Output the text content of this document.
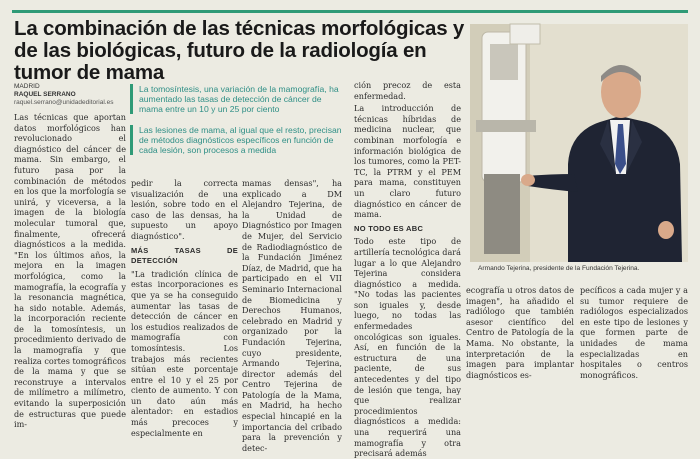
La combinación de las técnicas morfológicas y de las biológicas, futuro de la radiología en tumor de mama
MADRID
RAQUEL SERRANO
raquel.serrano@unidadeditorial.es
La tomosíntesis, una variación de la mamografía, ha aumentado las tasas de detección de cáncer de mama entre un 10 y un 25 por ciento
Las lesiones de mama, al igual que el resto, precisan de métodos diagnósticos específicos en función de cada lesión, son procesos a medida

Las técnicas que aportan datos morfológicos han revolucionado el diagnóstico del cáncer de mama. Sin embargo, el futuro pasa por la combinación de métodos en los que la morfología se unirá, y viceversa, a la imagen de la biología molecular tumoral que, finalmente, ofrecerá diagnósticos a la medida. "En los últimos años, la mejora en la imagen morfológica, como la mamografía, la ecografía y la resonancia magnética, ha sido notable. Además, la incorporación reciente de la tomosíntesis, un procedimiento derivado de la mamografía y que realiza cortes tomográficos de la mama y que se reconstruye a intervalos de milímetro a milímetro, evitando la superposición de estructuras que puede im-

pedir la correcta visualización de una lesión, sobre todo en el caso de las densas, ha supuesto un apoyo diagnóstico".

MÁS TASAS DE DETECCIÓN

"La tradición clínica de estas incorporaciones es que ya se ha conseguido aumentar las tasas de detección de cáncer en los estudios realizados de mamografía con tomosíntesis. Los trabajos más recientes sitúan este porcentaje entre el 10 y el 25 por ciento de aumento. Y con un dato aún más alentador: en estadios más precoces y especialmente en

mamas densas", ha explicado a DM Alejandro Tejerina, de la Unidad de Diagnóstico por Imagen de Mujer, del Servicio de Radiodiagnóstico de la Fundación Jiménez Díaz, de Madrid, que ha participado en el VII Seminario Internacional de Biomedicina y Derechos Humanos, celebrado en Madrid y organizado por la Fundación Tejerina, cuyo presidente, Armando Tejerina, director además del Centro Tejerina de Patología de la Mama, en Madrid, ha hecho especial hincapié en la importancia del cribado para la prevención y detec-

ción precoz de esta enfermedad.

La introducción de técnicas híbridas de medicina nuclear, que combinan morfología e información biológica de los tumores, como la PET-TC, la PTRM y el PEM para mama, constituyen un claro futuro diagnóstico en cáncer de mama.

NO TODO ES ABC

Todo este tipo de artillería tecnológica dará lugar a lo que Alejandro Tejerina considera diagnóstico a medida. "No todas las pacientes son iguales y, desde luego, no todas las enfermedades oncológicas son iguales. Así, en función de la estructura de una paciente, de sus antecedentes y del tipo de lesión que tenga, hay que realizar procedimientos diagnósticos a medida: una requerirá una mamografía y otra precisará además

Armando Tejerina, presidente de la Fundación Tejerina.

ecografía u otros datos de imagen", ha añadido el radiólogo que también asesor científico del Centro de Patología de la Mama. No obstante, la interpretación de la imagen para implantar diagnósticos es-

pecíficos a cada mujer y a su tumor requiere de radiólogos especializados en este tipo de lesiones y que formen parte de unidades de mama especializadas en hospitales o centros monográficos.
